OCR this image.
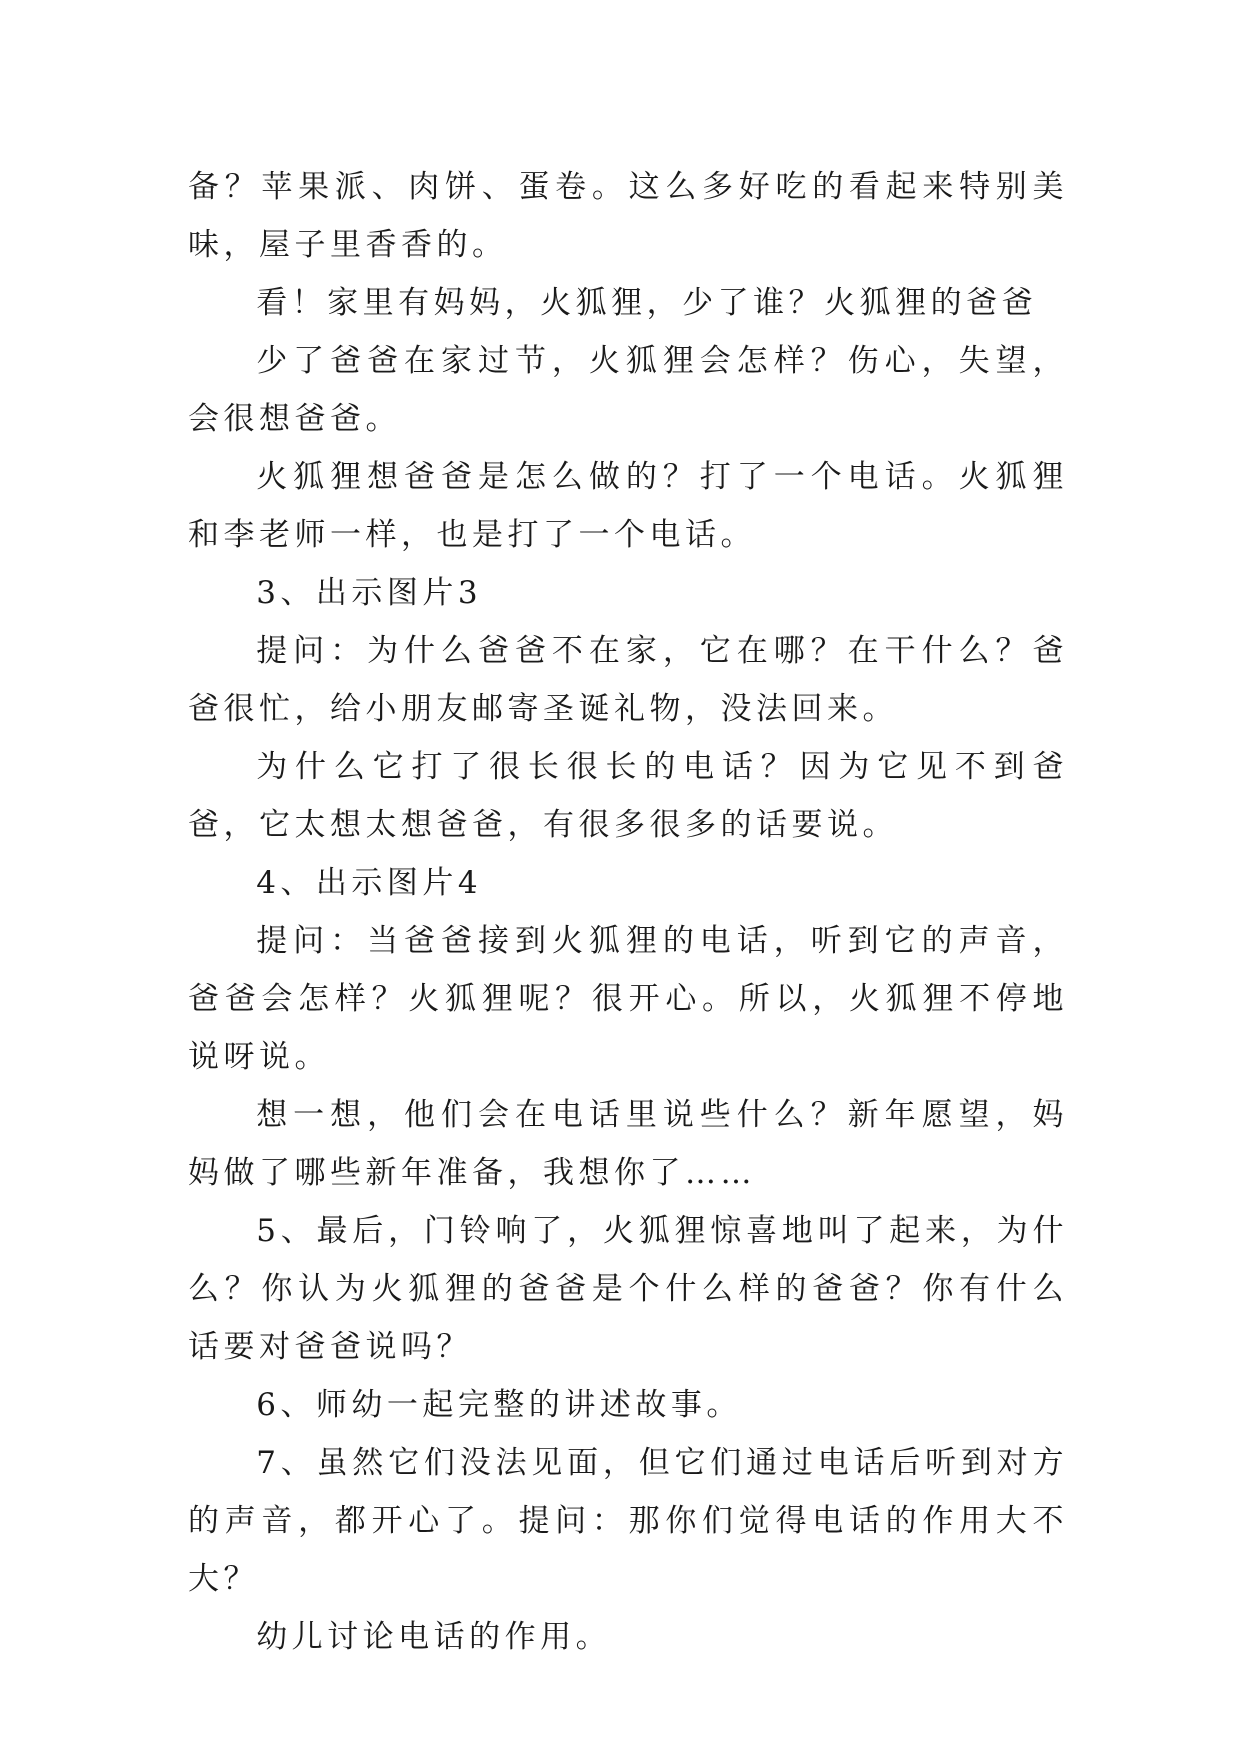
备？苹果派、肉饼、蛋卷。这么多好吃的看起来特别美味，屋子里香香的。

看！家里有妈妈，火狐狸，少了谁？火狐狸的爸爸

少了爸爸在家过节，火狐狸会怎样？伤心，失望，会很想爸爸。

火狐狸想爸爸是怎么做的？打了一个电话。火狐狸和李老师一样，也是打了一个电话。

3、出示图片3

提问：为什么爸爸不在家，它在哪？在干什么？爸爸很忙，给小朋友邮寄圣诞礼物，没法回来。

为什么它打了很长很长的电话？因为它见不到爸爸，它太想太想爸爸，有很多很多的话要说。

4、出示图片4

提问：当爸爸接到火狐狸的电话，听到它的声音，爸爸会怎样？火狐狸呢？很开心。所以，火狐狸不停地说呀说。

想一想，他们会在电话里说些什么？新年愿望，妈妈做了哪些新年准备，我想你了……

5、最后，门铃响了，火狐狸惊喜地叫了起来，为什么？你认为火狐狸的爸爸是个什么样的爸爸？你有什么话要对爸爸说吗？

6、师幼一起完整的讲述故事。

7、虽然它们没法见面，但它们通过电话后听到对方的声音，都开心了。提问：那你们觉得电话的作用大不大？

幼儿讨论电话的作用。
